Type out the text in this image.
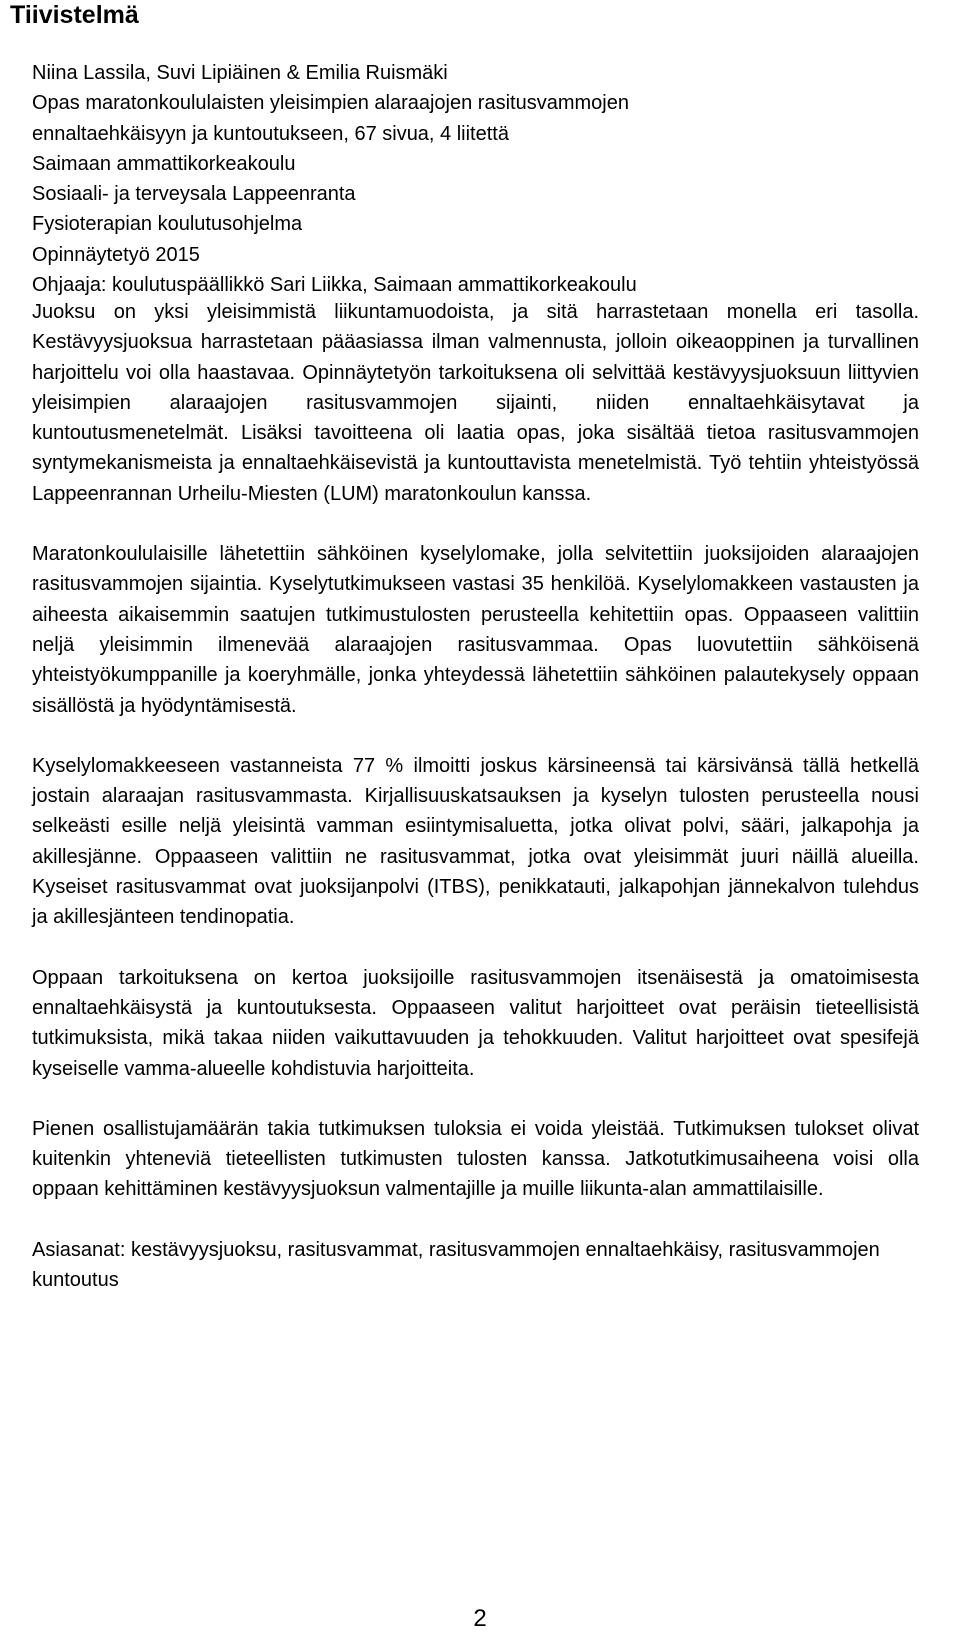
Tiivistelmä
Niina Lassila, Suvi Lipiäinen & Emilia Ruismäki
Opas maratonkoululaisten yleisimpien alaraajojen rasitusvammojen
ennaltaehkäisyyn ja kuntoutukseen, 67 sivua, 4 liitettä
Saimaan ammattikorkeakoulu
Sosiaali- ja terveysala Lappeenranta
Fysioterapian koulutusohjelma
Opinnäytetyö 2015
Ohjaaja: koulutuspäällikkö Sari Liikka, Saimaan ammattikorkeakoulu

Juoksu on yksi yleisimmistä liikuntamuodoista, ja sitä harrastetaan monella eri tasolla. Kestävyysjuoksua harrastetaan pääasiassa ilman valmennusta, jolloin oikeaoppinen ja turvallinen harjoittelu voi olla haastavaa. Opinnäytetyön tarkoituksena oli selvittää kestävyysjuoksuun liittyvien yleisimpien alaraajojen rasitusvammojen sijainti, niiden ennaltaehkäisytavat ja kuntoutusmenetelmät. Lisäksi tavoitteena oli laatia opas, joka sisältää tietoa rasitusvammojen syntymekanismeista ja ennaltaehkäisevistä ja kuntouttavista menetelmistä. Työ tehtiin yhteistyössä Lappeenrannan Urheilu-Miesten (LUM) maratonkoulun kanssa.

Maratonkoululaisille lähetettiin sähköinen kyselylomake, jolla selvitettiin juoksijoiden alaraajojen rasitusvammojen sijaintia. Kyselytutkimukseen vastasi 35 henkilöä. Kyselylomakkeen vastausten ja aiheesta aikaisemmin saatujen tutkimustulosten perusteella kehitettiin opas. Oppaaseen valittiin neljä yleisimmin ilmenevää alaraajojen rasitusvammaa. Opas luovutettiin sähköisenä yhteistyökumppanille ja koeryhmälle, jonka yhteydessä lähetettiin sähköinen palautekysely oppaan sisällöstä ja hyödyntämisestä.

Kyselylomakkeeseen vastanneista 77 % ilmoitti joskus kärsineensä tai kärsivänsä tällä hetkellä jostain alaraajan rasitusvammasta. Kirjallisuuskatsauksen ja kyselyn tulosten perusteella nousi selkeästi esille neljä yleisintä vamman esiintymisaluetta, jotka olivat polvi, sääri, jalkapohja ja akillesjänne. Oppaaseen valittiin ne rasitusvammat, jotka ovat yleisimmät juuri näillä alueilla. Kyseiset rasitusvammat ovat juoksijanpolvi (ITBS), penikkatauti, jalkapohjan jännekalvon tulehdus ja akillesjänteen tendinopatia.

Oppaan tarkoituksena on kertoa juoksijoille rasitusvammojen itsenäisestä ja omatoimisesta ennaltaehkäisystä ja kuntoutuksesta. Oppaaseen valitut harjoitteet ovat peräisin tieteellisistä tutkimuksista, mikä takaa niiden vaikuttavuuden ja tehokkuuden. Valitut harjoitteet ovat spesifejä kyseiselle vamma-alueelle kohdistuvia harjoitteita.

Pienen osallistujamäärän takia tutkimuksen tuloksia ei voida yleistää. Tutkimuksen tulokset olivat kuitenkin yhteneviä tieteellisten tutkimusten tulosten kanssa. Jatkotutkimusaiheena voisi olla oppaan kehittäminen kestävyysjuoksun valmentajille ja muille liikunta-alan ammattilaisille.

Asiasanat: kestävyysjuoksu, rasitusvammat, rasitusvammojen ennaltaehkäisy, rasitusvammojen kuntoutus

2
